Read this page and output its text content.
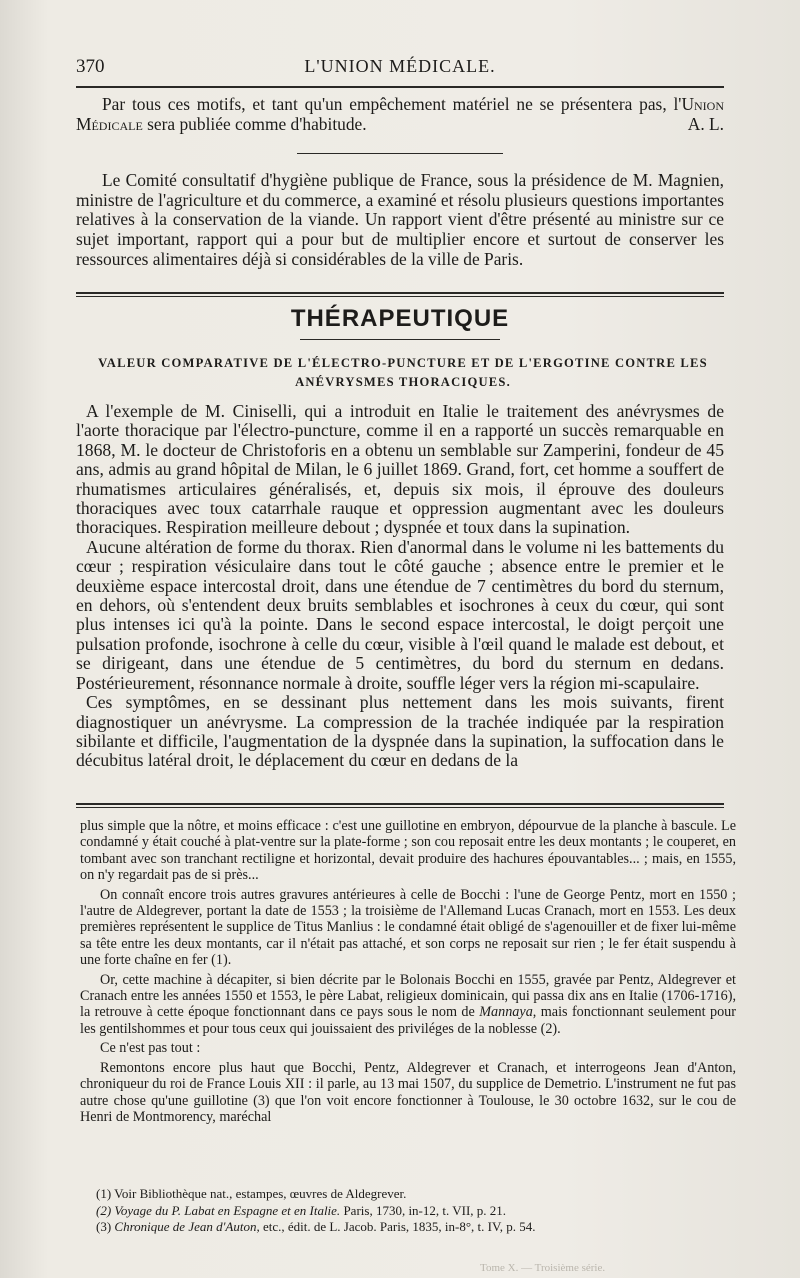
370	L'UNION MÉDICALE.

Par tous ces motifs, et tant qu'un empêchement matériel ne se présentera pas, l'Union Médicale sera publiée comme d'habitude.	A. L.

Le Comité consultatif d'hygiène publique de France, sous la présidence de M. Magnien, ministre de l'agriculture et du commerce, a examiné et résolu plusieurs questions importantes relatives à la conservation de la viande. Un rapport vient d'être présenté au ministre sur ce sujet important, rapport qui a pour but de multiplier encore et surtout de conserver les ressources alimentaires déjà si considérables de la ville de Paris.

THÉRAPEUTIQUE
VALEUR COMPARATIVE DE L'ÉLECTRO-PUNCTURE ET DE L'ERGOTINE CONTRE LES ANÉVRYSMES THORACIQUES.

A l'exemple de M. Ciniselli, qui a introduit en Italie le traitement des anévrysmes de l'aorte thoracique par l'électro-puncture, comme il en a rapporté un succès remarquable en 1868, M. le docteur de Christoforis en a obtenu un semblable sur Zamperini, fondeur de 45 ans, admis au grand hôpital de Milan, le 6 juillet 1869. Grand, fort, cet homme a souffert de rhumatismes articulaires généralisés, et, depuis six mois, il éprouve des douleurs thoraciques avec toux catarrhale rauque et oppression augmentant avec les douleurs thoraciques. Respiration meilleure debout ; dyspnée et toux dans la supination.

Aucune altération de forme du thorax. Rien d'anormal dans le volume ni les battements du cœur ; respiration vésiculaire dans tout le côté gauche ; absence entre le premier et le deuxième espace intercostal droit, dans une étendue de 7 centimètres du bord du sternum, en dehors, où s'entendent deux bruits semblables et isochrones à ceux du cœur, qui sont plus intenses ici qu'à la pointe. Dans le second espace intercostal, le doigt perçoit une pulsation profonde, isochrone à celle du cœur, visible à l'œil quand le malade est debout, et se dirigeant, dans une étendue de 5 centimètres, du bord du sternum en dedans. Postérieurement, résonnance normale à droite, souffle léger vers la région mi-scapulaire.

Ces symptômes, en se dessinant plus nettement dans les mois suivants, firent diagnostiquer un anévrysme. La compression de la trachée indiquée par la respiration sibilante et difficile, l'augmentation de la dyspnée dans la supination, la suffocation dans le décubitus latéral droit, le déplacement du cœur en dedans de la

plus simple que la nôtre, et moins efficace : c'est une guillotine en embryon, dépourvue de la planche à bascule. Le condamné y était couché à plat-ventre sur la plate-forme ; son cou reposait entre les deux montants ; le couperet, en tombant avec son tranchant rectiligne et horizontal, devait produire des hachures épouvantables... ; mais, en 1555, on n'y regardait pas de si près...

On connaît encore trois autres gravures antérieures à celle de Bocchi : l'une de George Pentz, mort en 1550 ; l'autre de Aldegrever, portant la date de 1553 ; la troisième de l'Allemand Lucas Cranach, mort en 1553. Les deux premières représentent le supplice de Titus Manlius : le condamné était obligé de s'agenouiller et de fixer lui-même sa tête entre les deux montants, car il n'était pas attaché, et son corps ne reposait sur rien ; le fer était suspendu à une forte chaîne en fer (1).

Or, cette machine à décapiter, si bien décrite par le Bolonais Bocchi en 1555, gravée par Pentz, Aldegrever et Cranach entre les années 1550 et 1553, le père Labat, religieux dominicain, qui passa dix ans en Italie (1706-1716), la retrouve à cette époque fonctionnant dans ce pays sous le nom de Mannaya, mais fonctionnant seulement pour les gentilshommes et pour tous ceux qui jouissaient des priviléges de la noblesse (2).

Ce n'est pas tout :

Remontons encore plus haut que Bocchi, Pentz, Aldegrever et Cranach, et interrogeons Jean d'Anton, chroniqueur du roi de France Louis XII : il parle, au 13 mai 1507, du supplice de Demetrio. L'instrument ne fut pas autre chose qu'une guillotine (3) que l'on voit encore fonctionner à Toulouse, le 30 octobre 1632, sur le cou de Henri de Montmorency, maréchal

(1) Voir Bibliothèque nat., estampes, œuvres de Aldegrever.
(2) Voyage du P. Labat en Espagne et en Italie. Paris, 1730, in-12, t. VII, p. 21.
(3) Chronique de Jean d'Auton, etc., édit. de L. Jacob. Paris, 1835, in-8°, t. IV, p. 54.
Tome X. — Troisième série.
